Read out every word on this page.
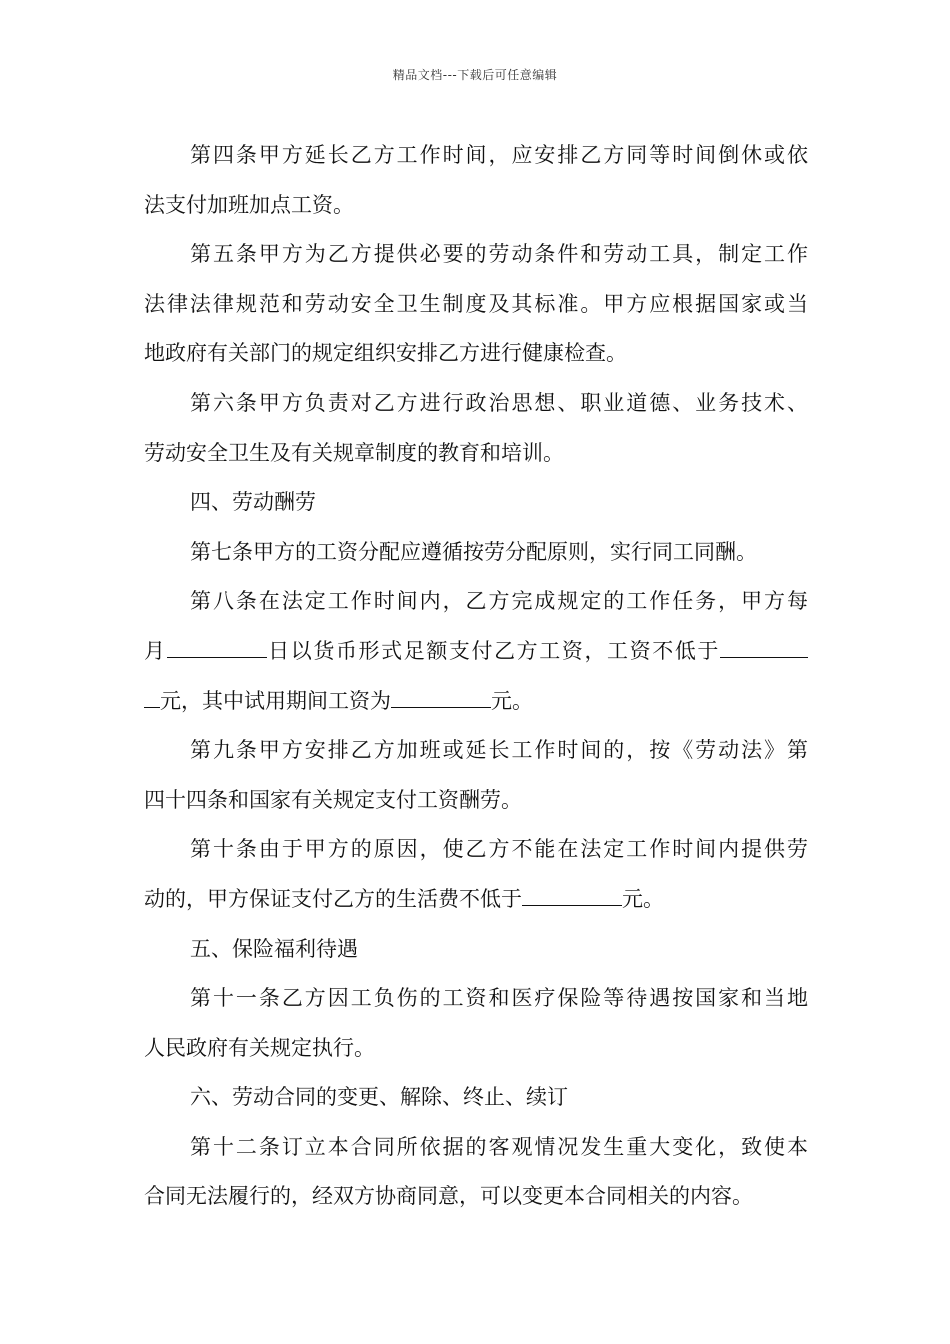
精品文档---下载后可任意编辑
第四条甲方延长乙方工作时间，应安排乙方同等时间倒休或依
法支付加班加点工资。
第五条甲方为乙方提供必要的劳动条件和劳动工具，制定工作
法律法律规范和劳动安全卫生制度及其标准。甲方应根据国家或当
地政府有关部门的规定组织安排乙方进行健康检查。
第六条甲方负责对乙方进行政治思想、职业道德、业务技术、
劳动安全卫生及有关规章制度的教育和培训。
四、劳动酬劳
第七条甲方的工资分配应遵循按劳分配原则，实行同工同酬。
第八条在法定工作时间内，乙方完成规定的工作任务，甲方每
月	日以货币形式足额支付乙方工资，工资不低于
元，其中试用期间工资为	元。
第九条甲方安排乙方加班或延长工作时间的，按《劳动法》第
四十四条和国家有关规定支付工资酬劳。
第十条由于甲方的原因，使乙方不能在法定工作时间内提供劳
动的，甲方保证支付乙方的生活费不低于	元。
五、保险福利待遇
第十一条乙方因工负伤的工资和医疗保险等待遇按国家和当地
人民政府有关规定执行。
六、劳动合同的变更、解除、终止、续订
第十二条订立本合同所依据的客观情况发生重大变化，致使本
合同无法履行的，经双方协商同意，可以变更本合同相关的内容。
